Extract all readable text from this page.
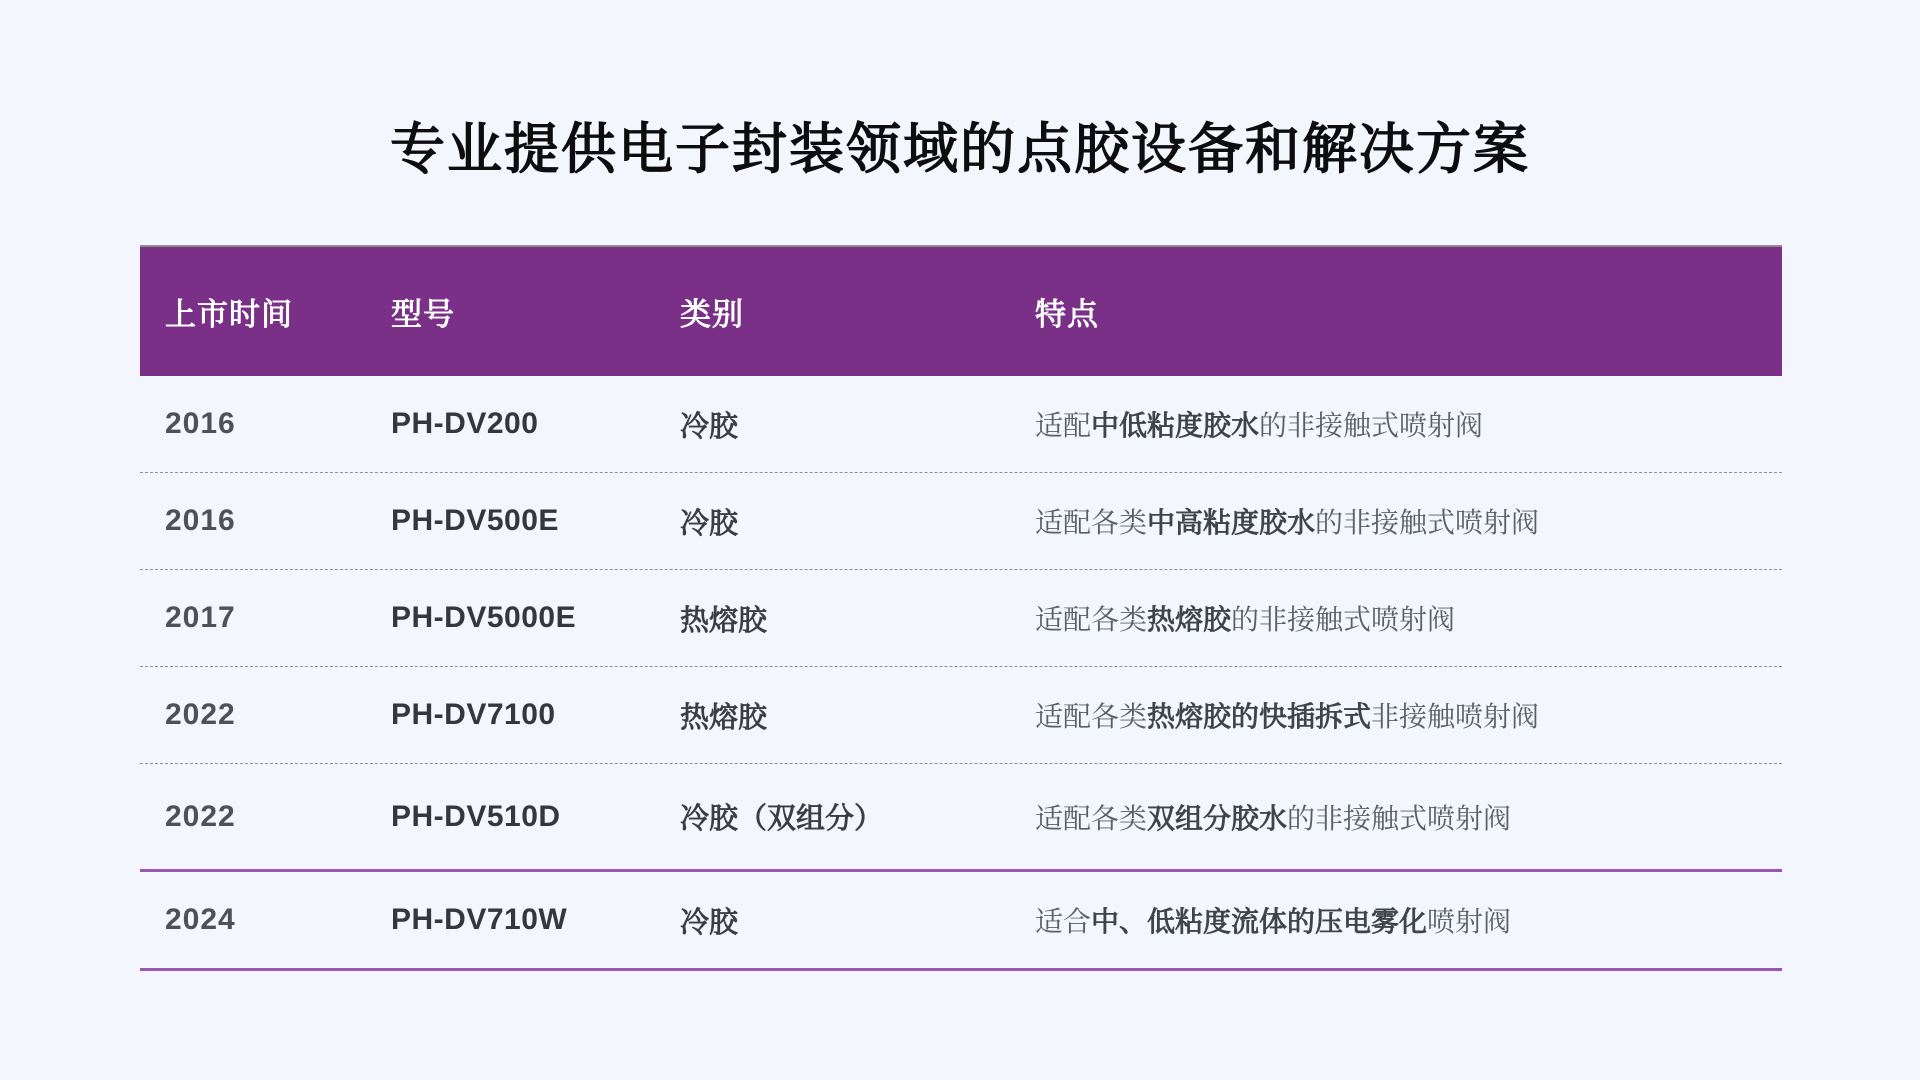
专业提供电子封装领域的点胶设备和解决方案
上市时间	型号	类别	特点
2016	PH-DV200	冷胶	适配中低粘度胶水的非接触式喷射阀
2016	PH-DV500E	冷胶	适配各类中高粘度胶水的非接触式喷射阀
2017	PH-DV5000E	热熔胶	适配各类热熔胶的非接触式喷射阀
2022	PH-DV7100	热熔胶	适配各类热熔胶的快插拆式非接触喷射阀
2022	PH-DV510D	冷胶（双组分）	适配各类双组分胶水的非接触式喷射阀
2024	PH-DV710W	冷胶	适合中、低粘度流体的压电雾化喷射阀
